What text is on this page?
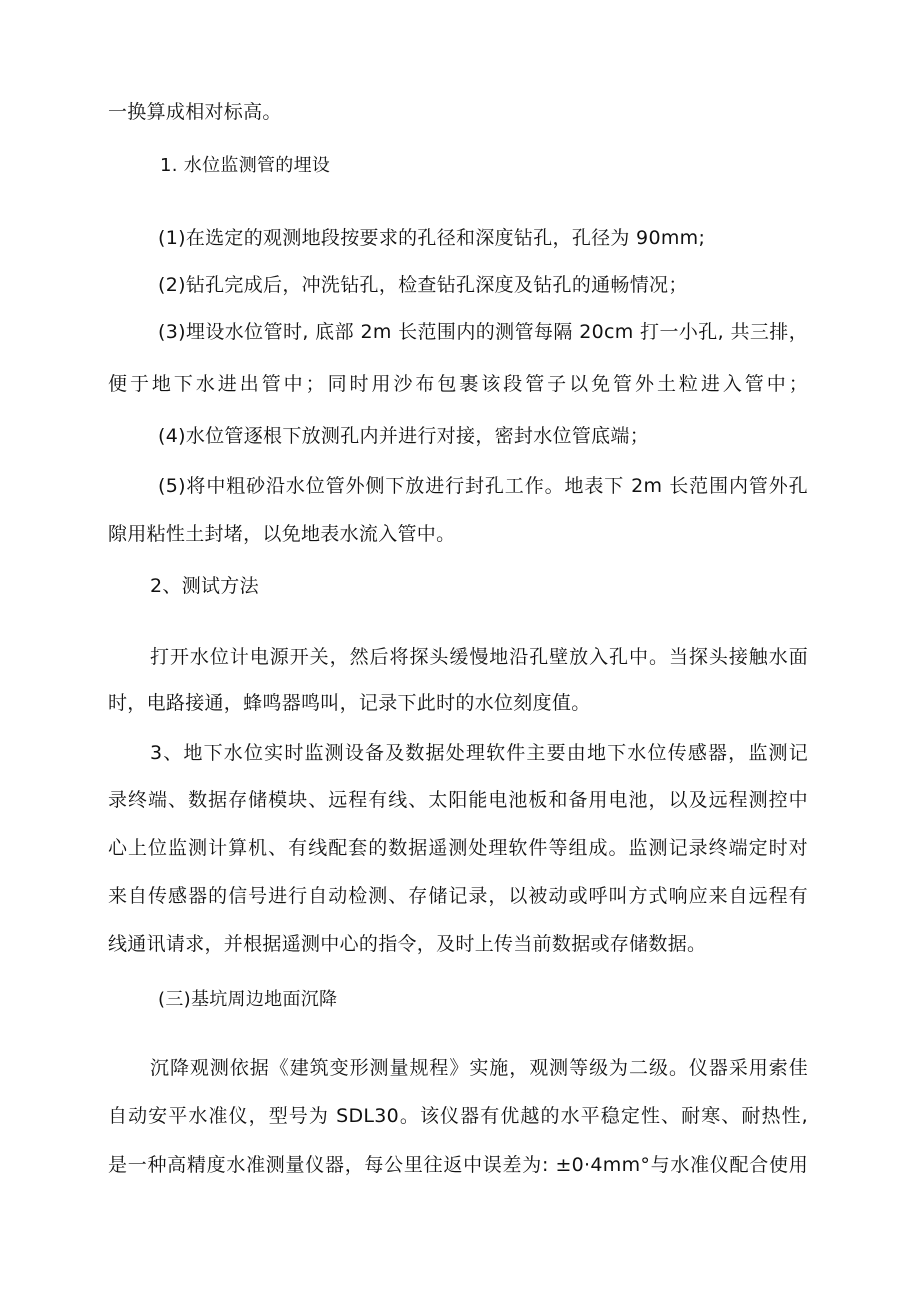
一换算成相对标高。
1. 水位监测管的埋设
(1)在选定的观测地段按要求的孔径和深度钻孔，孔径为 90mm;
(2)钻孔完成后，冲洗钻孔，检查钻孔深度及钻孔的通畅情况；
(3)埋设水位管时, 底部 2m 长范围内的测管每隔 20cm 打一小孔, 共三排，
便于地下水进出管中；同时用沙布包裹该段管子以免管外土粒进入管中；
(4)水位管逐根下放测孔内并进行对接，密封水位管底端；
(5)将中粗砂沿水位管外侧下放进行封孔工作。地表下 2m 长范围内管外孔
隙用粘性土封堵，以免地表水流入管中。
2、测试方法
打开水位计电源开关，然后将探头缓慢地沿孔壁放入孔中。当探头接触水面
时，电路接通，蜂鸣器鸣叫，记录下此时的水位刻度值。
3、地下水位实时监测设备及数据处理软件主要由地下水位传感器，监测记
录终端、数据存储模块、远程有线、太阳能电池板和备用电池，以及远程测控中
心上位监测计算机、有线配套的数据遥测处理软件等组成。监测记录终端定时对
来自传感器的信号进行自动检测、存储记录，以被动或呼叫方式响应来自远程有
线通讯请求，并根据遥测中心的指令，及时上传当前数据或存储数据。
(三)基坑周边地面沉降
沉降观测依据《建筑变形测量规程》实施，观测等级为二级。仪器采用索佳
自动安平水准仪，型号为 SDL30。该仪器有优越的水平稳定性、耐寒、耐热性,
是一种高精度水准测量仪器，每公里往返中误差为: ±0·4mm°与水准仪配合使用
